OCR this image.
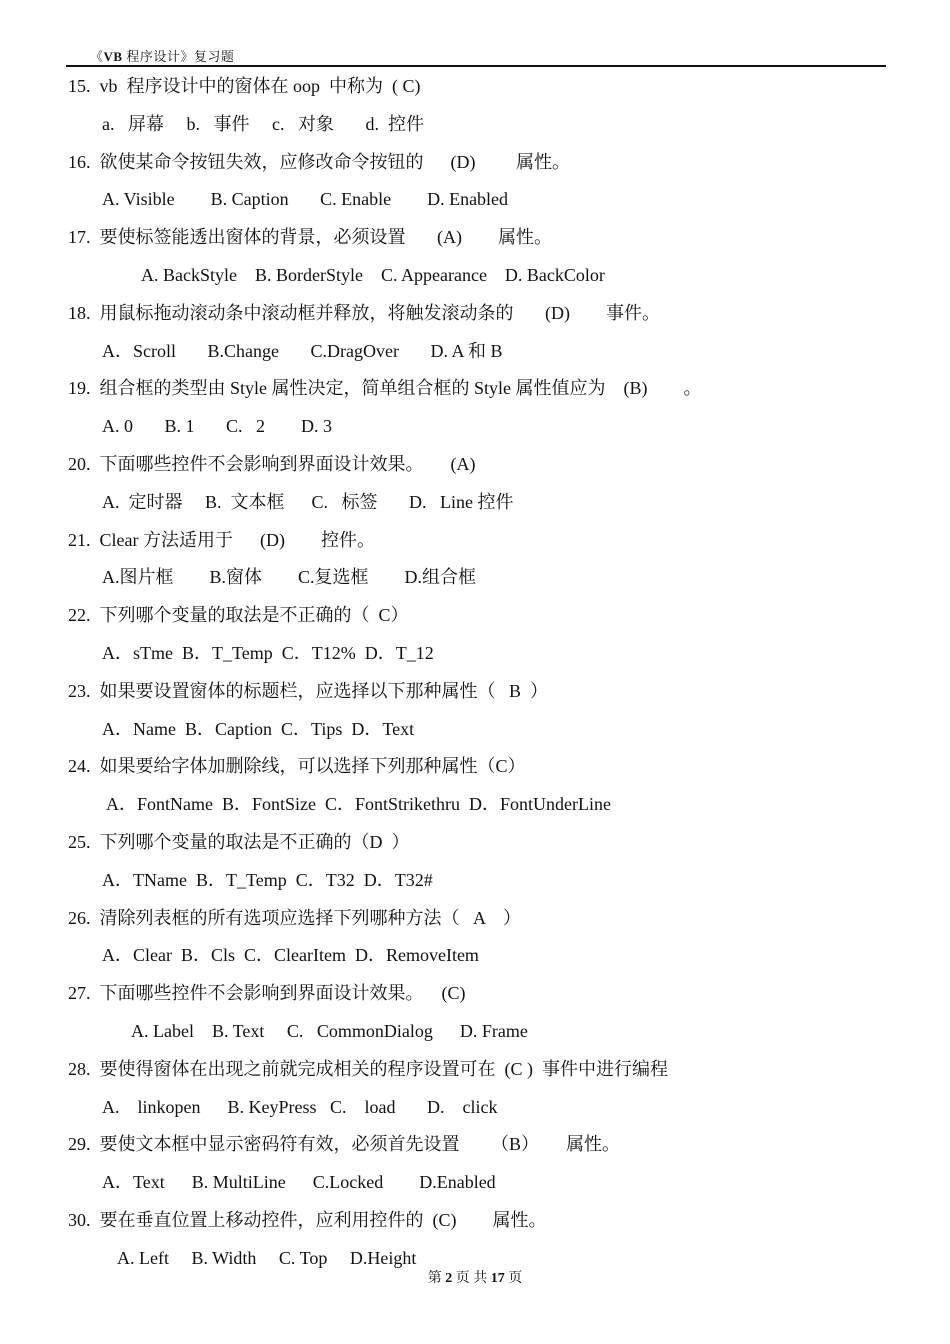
《VB 程序设计》复习题
15.  vb  程序设计中的窗体在 oop  中称为  ( C)
a.   屏幕     b.   事件     c.   对象       d.  控件
16.  欲使某命令按钮失效，应修改命令按钮的      (D)         属性。
A. Visible        B. Caption       C. Enable        D. Enabled
17.  要使标签能透出窗体的背景，必须设置       (A)        属性。
A. BackStyle    B. BorderStyle    C. Appearance    D. BackColor
18.  用鼠标拖动滚动条中滚动框并释放，将触发滚动条的       (D)        事件。
A．Scroll       B.Change       C.DragOver       D. A 和 B
19.  组合框的类型由 Style 属性决定，简单组合框的 Style 属性值应为    (B)        。
A. 0       B. 1       C.   2        D. 3
20.  下面哪些控件不会影响到界面设计效果。      (A)
A.  定时器     B.  文本框      C.   标签       D.   Line 控件
21.  Clear 方法适用于      (D)        控件。
A.图片框        B.窗体        C.复选框        D.组合框
22.  下列哪个变量的取法是不正确的（  C）
A．sTme  B．T_Temp  C．T12%  D．T_12
23.  如果要设置窗体的标题栏，应选择以下那种属性（   B  ）
A．Name  B．Caption  C．Tips  D．Text
24.  如果要给字体加删除线，可以选择下列那种属性（C）
A．FontName  B．FontSize  C．FontStrikethru  D．FontUnderLine
25.  下列哪个变量的取法是不正确的（D  ）
A．TName  B．T_Temp  C．T32  D．T32#
26.  清除列表框的所有选项应选择下列哪种方法（   A    ）
A．Clear  B．Cls  C．ClearItem  D．RemoveItem
27.  下面哪些控件不会影响到界面设计效果。    (C)
A. Label    B. Text     C.   CommonDialog      D. Frame
28.  要使得窗体在出现之前就完成相关的程序设置可在  (C )  事件中进行编程
A.    linkopen      B. KeyPress   C.    load       D.    click
29.  要使文本框中显示密码符有效，必须首先设置       （B）      属性。
A．Text      B. MultiLine      C.Locked        D.Enabled
30.  要在垂直位置上移动控件，应利用控件的  (C)        属性。
A. Left     B. Width     C. Top     D.Height
第 2 页 共 17 页
